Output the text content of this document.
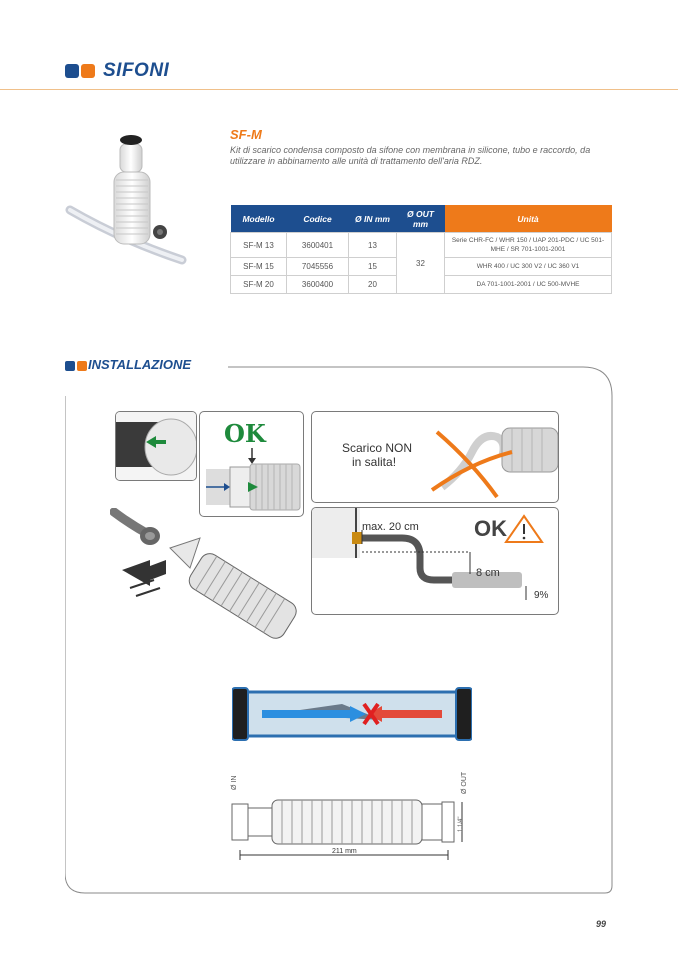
SIFONI
SF-M
Kit di scarico condensa composto da sifone con membrana in silicone, tubo e raccordo, da utilizzare in abbinamento alle unità di trattamento dell'aria RDZ.
Modello	Codice	Ø IN mm	Ø OUT mm	Unità
SF-M 13	3600401	13	32	Serie CHR-FC / WHR 150 / UAP 201-PDC / UC 501-MHE / SR 701-1001-2001
SF-M 15	7045556	15		WHR 400 / UC 300 V2 / UC 360 V1
SF-M 20	3600400	20		DA 701-1001-2001 / UC 500-MVHE
INSTALLAZIONE
OK	Scarico NON
in salita!
max. 20 cm
8 cm
9%
OK
Ø IN	Ø OUT
1 1/4"
211 mm
99
